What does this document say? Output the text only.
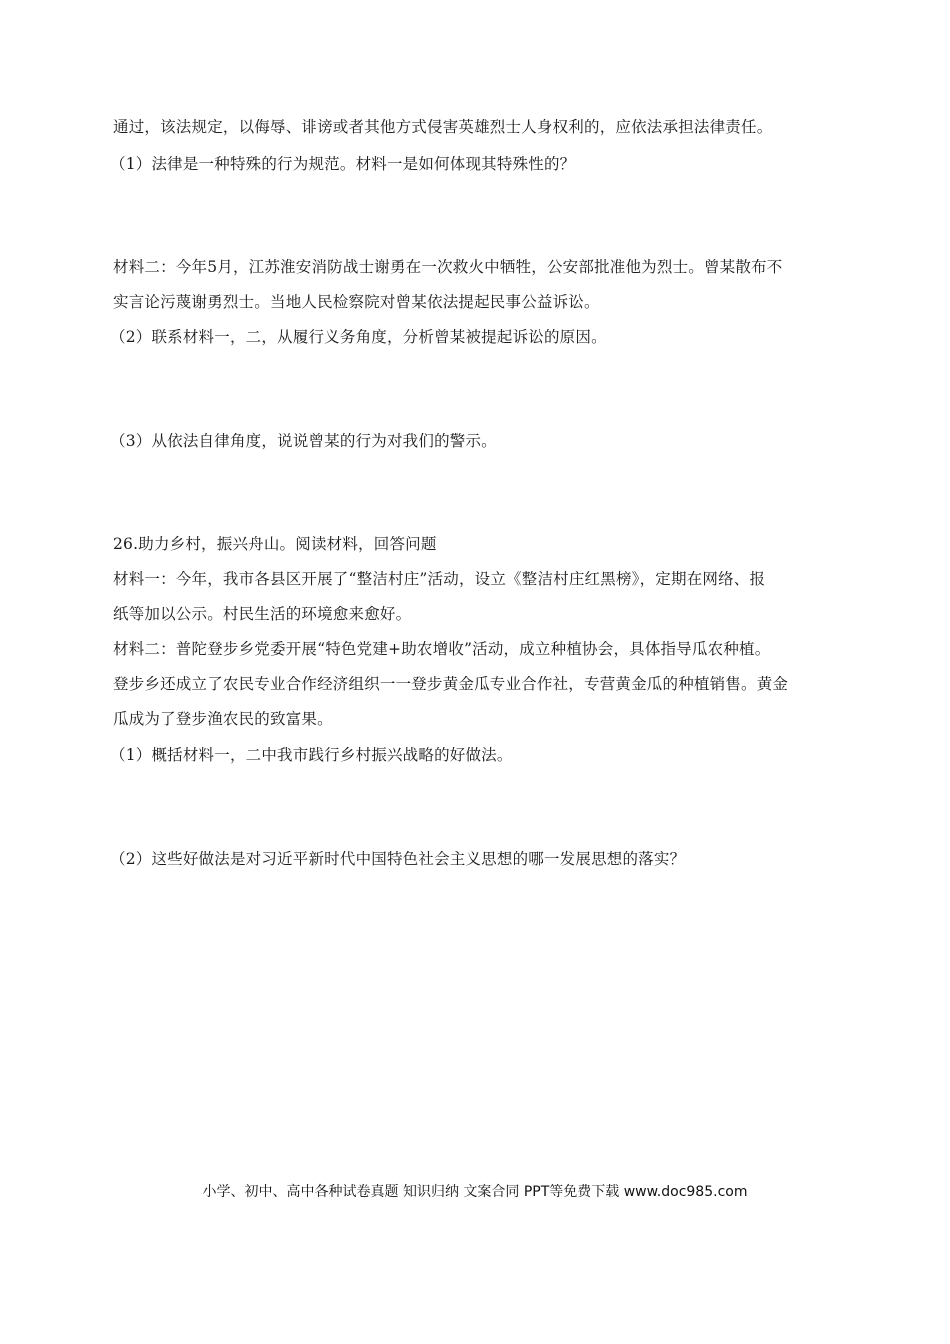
通过，该法规定，以侮辱、诽谤或者其他方式侵害英雄烈士人身权利的，应依法承担法律责任。
（1）法律是一种特殊的行为规范。材料一是如何体现其特殊性的？
材料二：今年5月，江苏淮安消防战士谢勇在一次救火中牺牲，公安部批准他为烈士。曾某散布不
实言论污蔑谢勇烈士。当地人民检察院对曾某依法提起民事公益诉讼。
（2）联系材料一，二，从履行义务角度，分析曾某被提起诉讼的原因。
（3）从依法自律角度，说说曾某的行为对我们的警示。
26.助力乡村，振兴舟山。阅读材料，回答问题
材料一：今年，我市各县区开展了“整洁村庄”活动，设立《整洁村庄红黑榜》，定期在网络、报
纸等加以公示。村民生活的环境愈来愈好。
材料二：普陀登步乡党委开展“特色党建+助农增收”活动，成立种植协会，具体指导瓜农种植。
登步乡还成立了农民专业合作经济组织一一登步黄金瓜专业合作社，专营黄金瓜的种植销售。黄金
瓜成为了登步渔农民的致富果。
（1）概括材料一，二中我市践行乡村振兴战略的好做法。
（2）这些好做法是对习近平新时代中国特色社会主义思想的哪一发展思想的落实？
小学、初中、高中各种试卷真题 知识归纳 文案合同 PPT等免费下载 www.doc985.com
